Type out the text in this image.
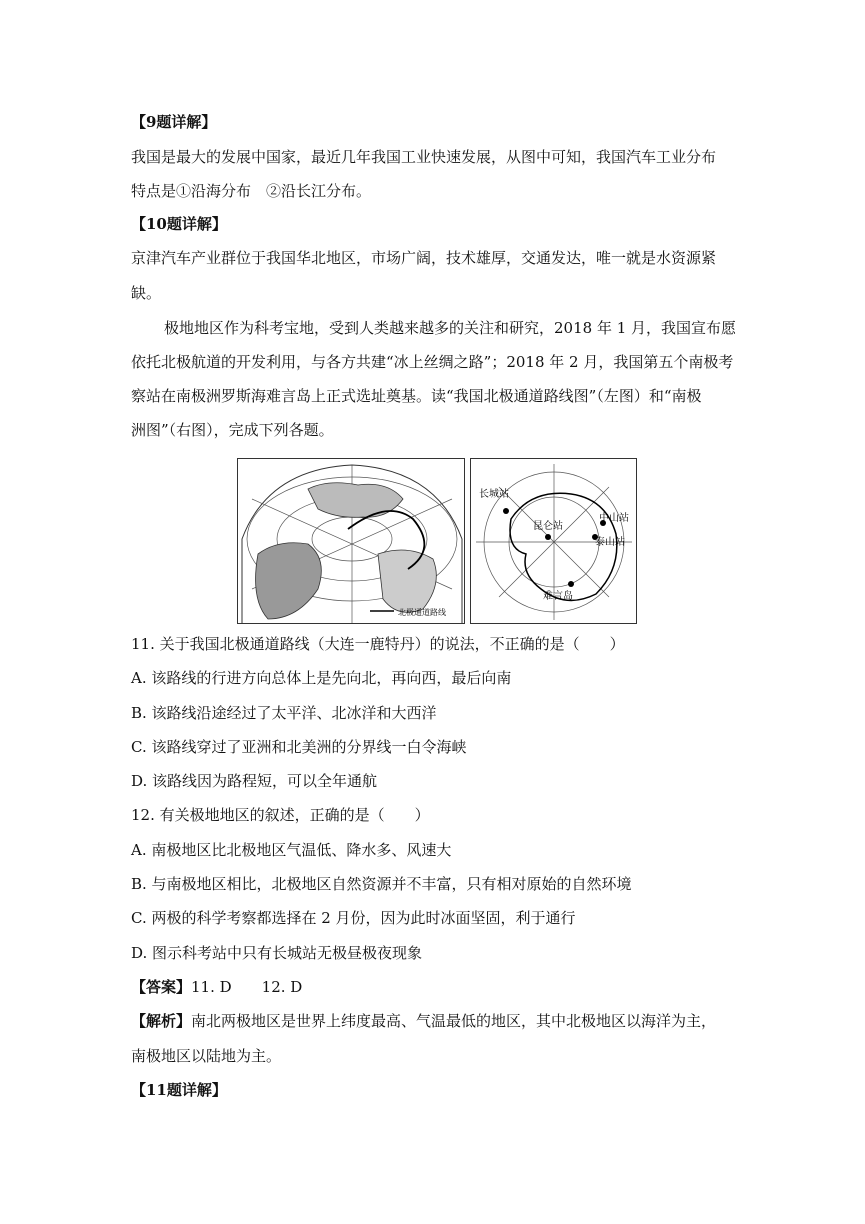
【9题详解】
我国是最大的发展中国家，最近几年我国工业快速发展，从图中可知，我国汽车工业分布
特点是①沿海分布　②沿长江分布。
【10题详解】
京津汽车产业群位于我国华北地区，市场广阔，技术雄厚，交通发达，唯一就是水资源紧
缺。
极地地区作为科考宝地，受到人类越来越多的关注和研究，2018 年 1 月，我国宣布愿
依托北极航道的开发利用，与各方共建“冰上丝绸之路”；2018 年 2 月，我国第五个南极考
察站在南极洲罗斯海难言岛上正式选址奠基。读“我国北极通道路线图”（左图）和“南极
洲图”（右图），完成下列各题。
北极通道路线
长城站
昆仑站
中山站
泰山站
难言岛
11. 关于我国北极通道路线（大连一鹿特丹）的说法，不正确的是（　　）
A. 该路线的行进方向总体上是先向北，再向西，最后向南
B. 该路线沿途经过了太平洋、北冰洋和大西洋
C. 该路线穿过了亚洲和北美洲的分界线一白令海峡
D. 该路线因为路程短，可以全年通航
12. 有关极地地区的叙述，正确的是（　　）
A. 南极地区比北极地区气温低、降水多、风速大
B. 与南极地区相比，北极地区自然资源并不丰富，只有相对原始的自然环境
C. 两极的科学考察都选择在 2 月份，因为此时冰面坚固，利于通行
D. 图示科考站中只有长城站无极昼极夜现象
【答案】11. D　　12. D
【解析】南北两极地区是世界上纬度最高、气温最低的地区，其中北极地区以海洋为主，
南极地区以陆地为主。
【11题详解】
